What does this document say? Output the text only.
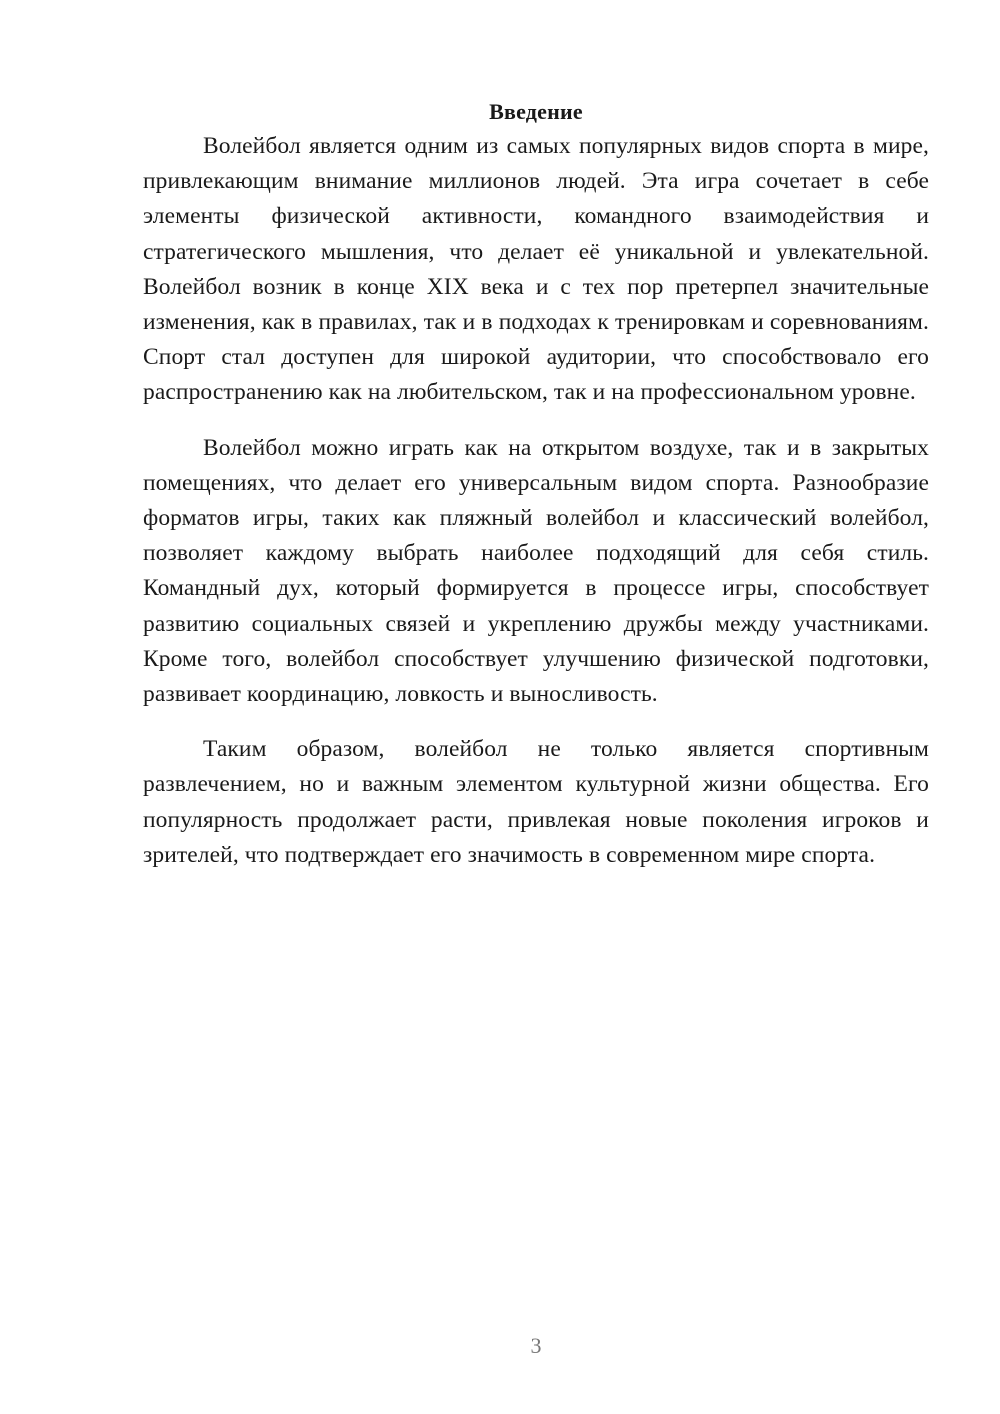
Введение

Волейбол является одним из самых популярных видов спорта в мире, привлекающим внимание миллионов людей. Эта игра сочетает в себе элементы физической активности, командного взаимодействия и стратегического мышления, что делает её уникальной и увлекательной. Волейбол возник в конце XIX века и с тех пор претерпел значительные изменения, как в правилах, так и в подходах к тренировкам и соревнованиям. Спорт стал доступен для широкой аудитории, что способствовало его распространению как на любительском, так и на профессиональном уровне.

Волейбол можно играть как на открытом воздухе, так и в закрытых помещениях, что делает его универсальным видом спорта. Разнообразие форматов игры, таких как пляжный волейбол и классический волейбол, позволяет каждому выбрать наиболее подходящий для себя стиль. Командный дух, который формируется в процессе игры, способствует развитию социальных связей и укреплению дружбы между участниками. Кроме того, волейбол способствует улучшению физической подготовки, развивает координацию, ловкость и выносливость.

Таким образом, волейбол не только является спортивным развлечением, но и важным элементом культурной жизни общества. Его популярность продолжает расти, привлекая новые поколения игроков и зрителей, что подтверждает его значимость в современном мире спорта.

3
